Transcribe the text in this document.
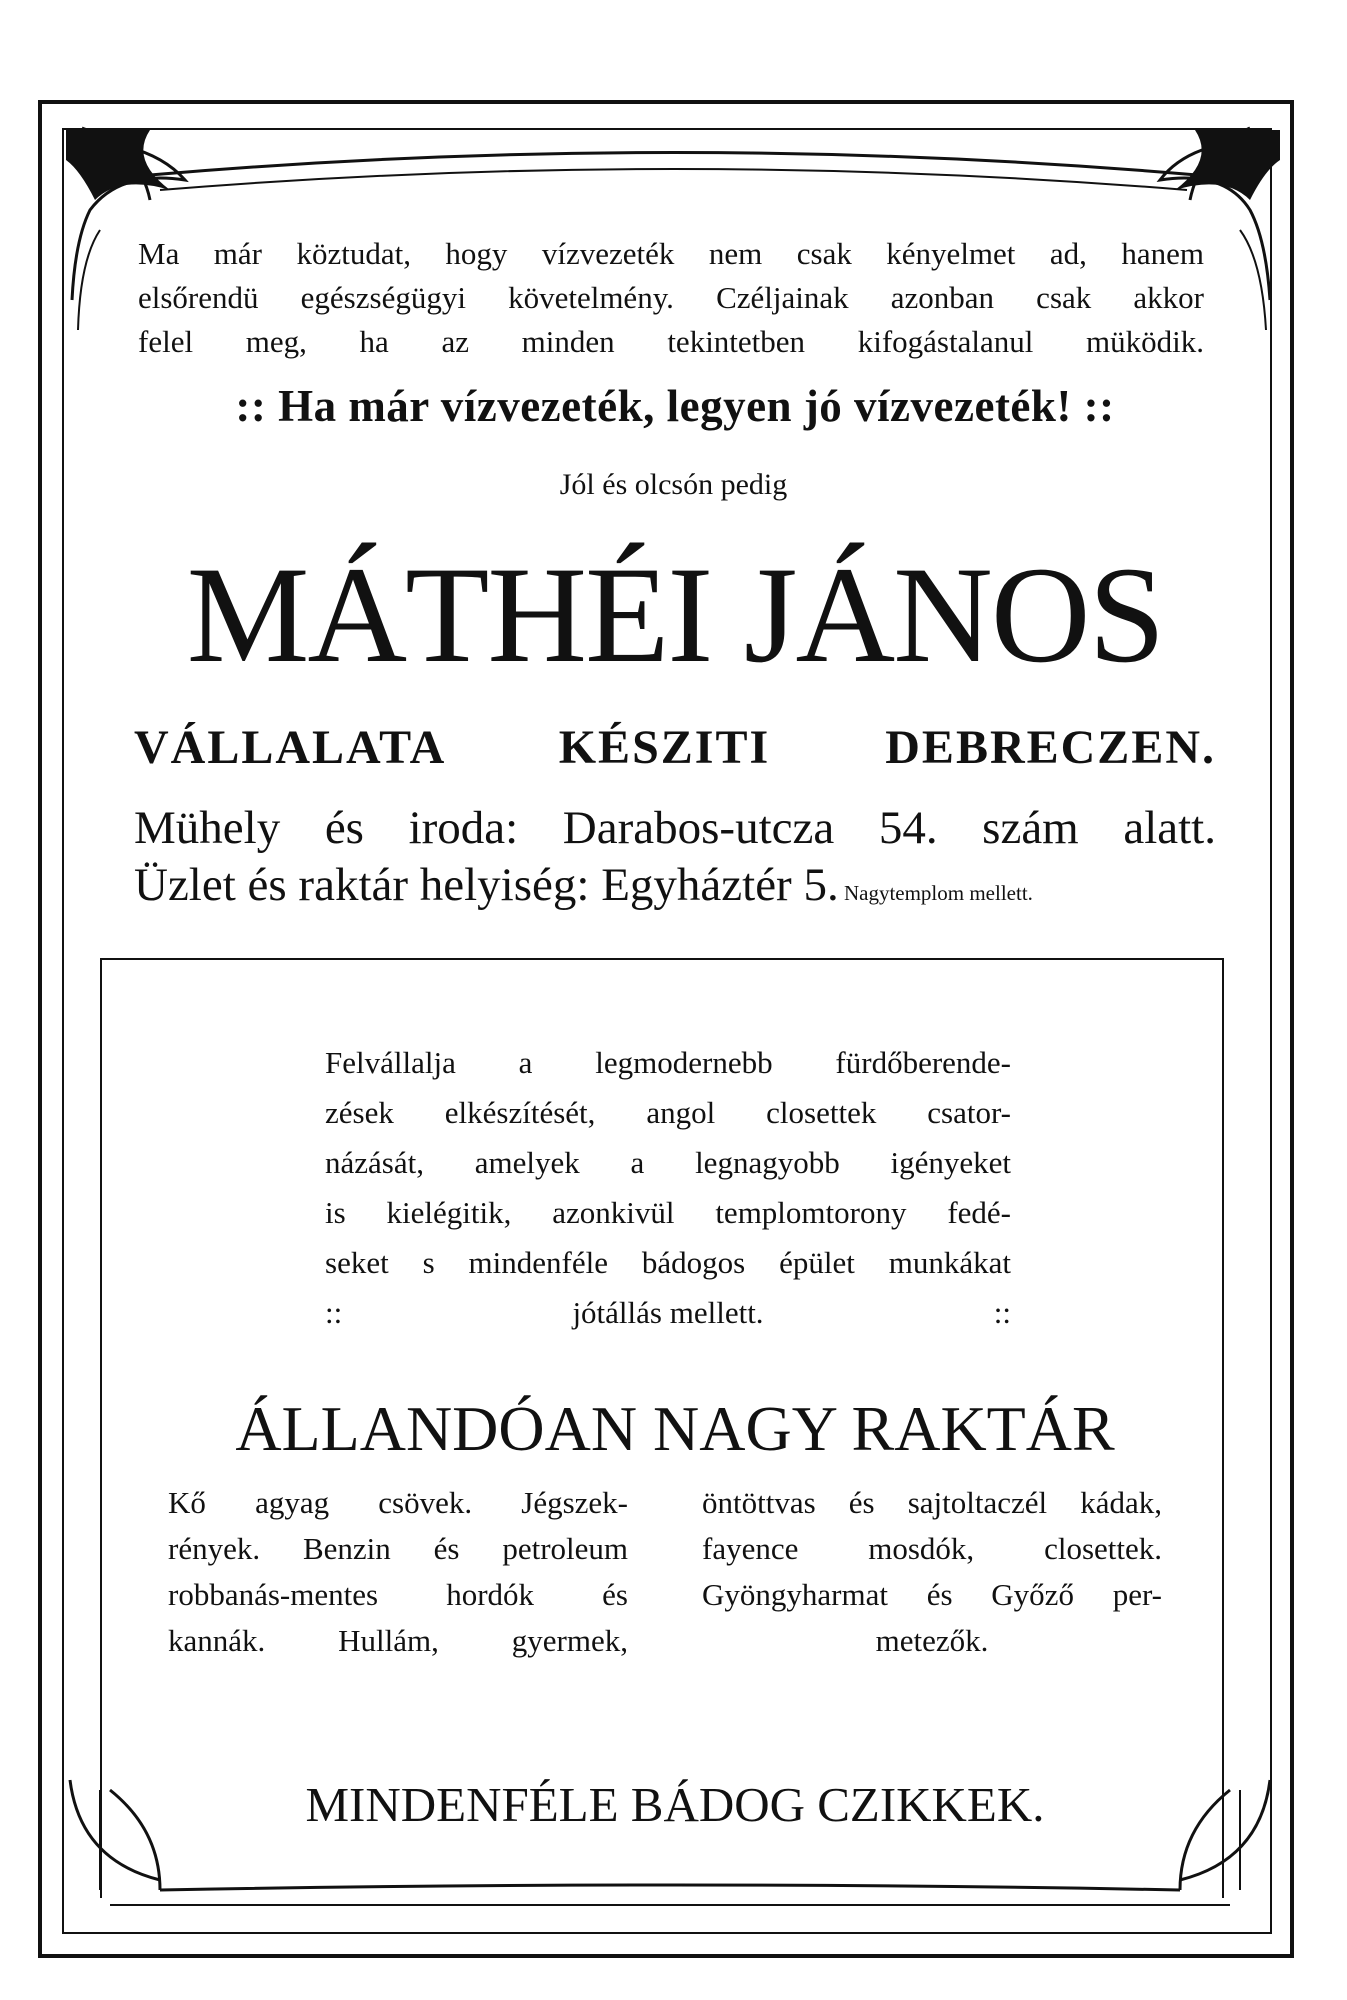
Ma már köztudat, hogy vízvezeték nem csak kényelmet ad, hanem
elsőrendü egészségügyi követelmény. Czéljainak azonban csak akkor
felel meg, ha az minden tekintetben kifogástalanul müködik.
:: Ha már vízvezeték, legyen jó vízvezeték! ::
Jól és olcsón pedig
MÁTHÉI JÁNOS
VÁLLALATA KÉSZITI DEBRECZEN.
Mühely és iroda: Darabos-utcza 54. szám alatt.
Üzlet és raktár helyiség: Egyháztér 5. Nagytemplom mellett.
Felvállalja a legmodernebb fürdőberende-
zések elkészítését, angol closettek csator-
názását, amelyek a legnagyobb igényeket
is kielégitik, azonkivül templomtorony fedé-
seket s mindenféle bádogos épület munkákat
::	jótállás mellett.	::
ÁLLANDÓAN NAGY RAKTÁR
Kő agyag csövek. Jégszek-
rények. Benzin és petroleum
robbanás-mentes hordók és
kannák. Hullám, gyermek,
öntöttvas és sajtoltaczél kádak,
fayence mosdók, closettek.
Gyöngyharmat és Győző per-
metezők.
MINDENFÉLE BÁDOG CZIKKEK.
